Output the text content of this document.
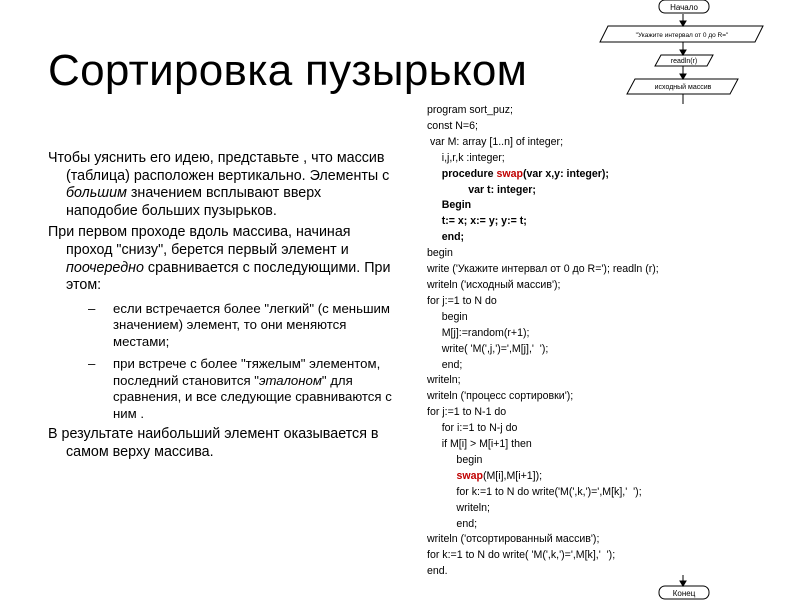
Сортировка пузырьком

Чтобы уяснить его идею, представьте , что массив (таблица) расположен вертикально. Элементы с большим значением всплывают вверх наподобие больших пузырьков.

При первом проходе вдоль массива, начиная проход "снизу", берется первый элемент и поочередно сравнивается с последующими. При этом:

– если встречается более "легкий" (с меньшим значением) элемент, то они меняются местами;
– при встрече с более "тяжелым" элементом, последний становится "эталоном" для сравнения, и все следующие сравниваются с ним .

В результате наибольший элемент оказывается в самом верху массива.

program sort_puz;
const N=6;
var M: array [1..n] of integer;
i,j,r,k :integer;
procedure swap(var x,y: integer);
var t: integer;
Begin
t:= x; x:= y; y:= t;
end;
begin
write ('Укажите интервал от 0 до R='); readln (r);
writeln ('исходный массив');
for j:=1 to N do
begin
M[j]:=random(r+1);
write( 'M(',j,')=',M[j],'  ');
end;
writeln;
writeln ('процесс сортировки');
for j:=1 to N-1 do
for i:=1 to N-j do
if M[i] > M[i+1] then
begin
swap(M[i],M[i+1]);
for k:=1 to N do write('M(',k,')=',M[k],'  ');
writeln;
end;
writeln ('отсортированный массив');
for k:=1 to N do write( 'M(',k,')=',M[k],'  ');
end.
Начало
"Укажите интервал от 0 до R="
readln(r)
исходный массив
Конец
